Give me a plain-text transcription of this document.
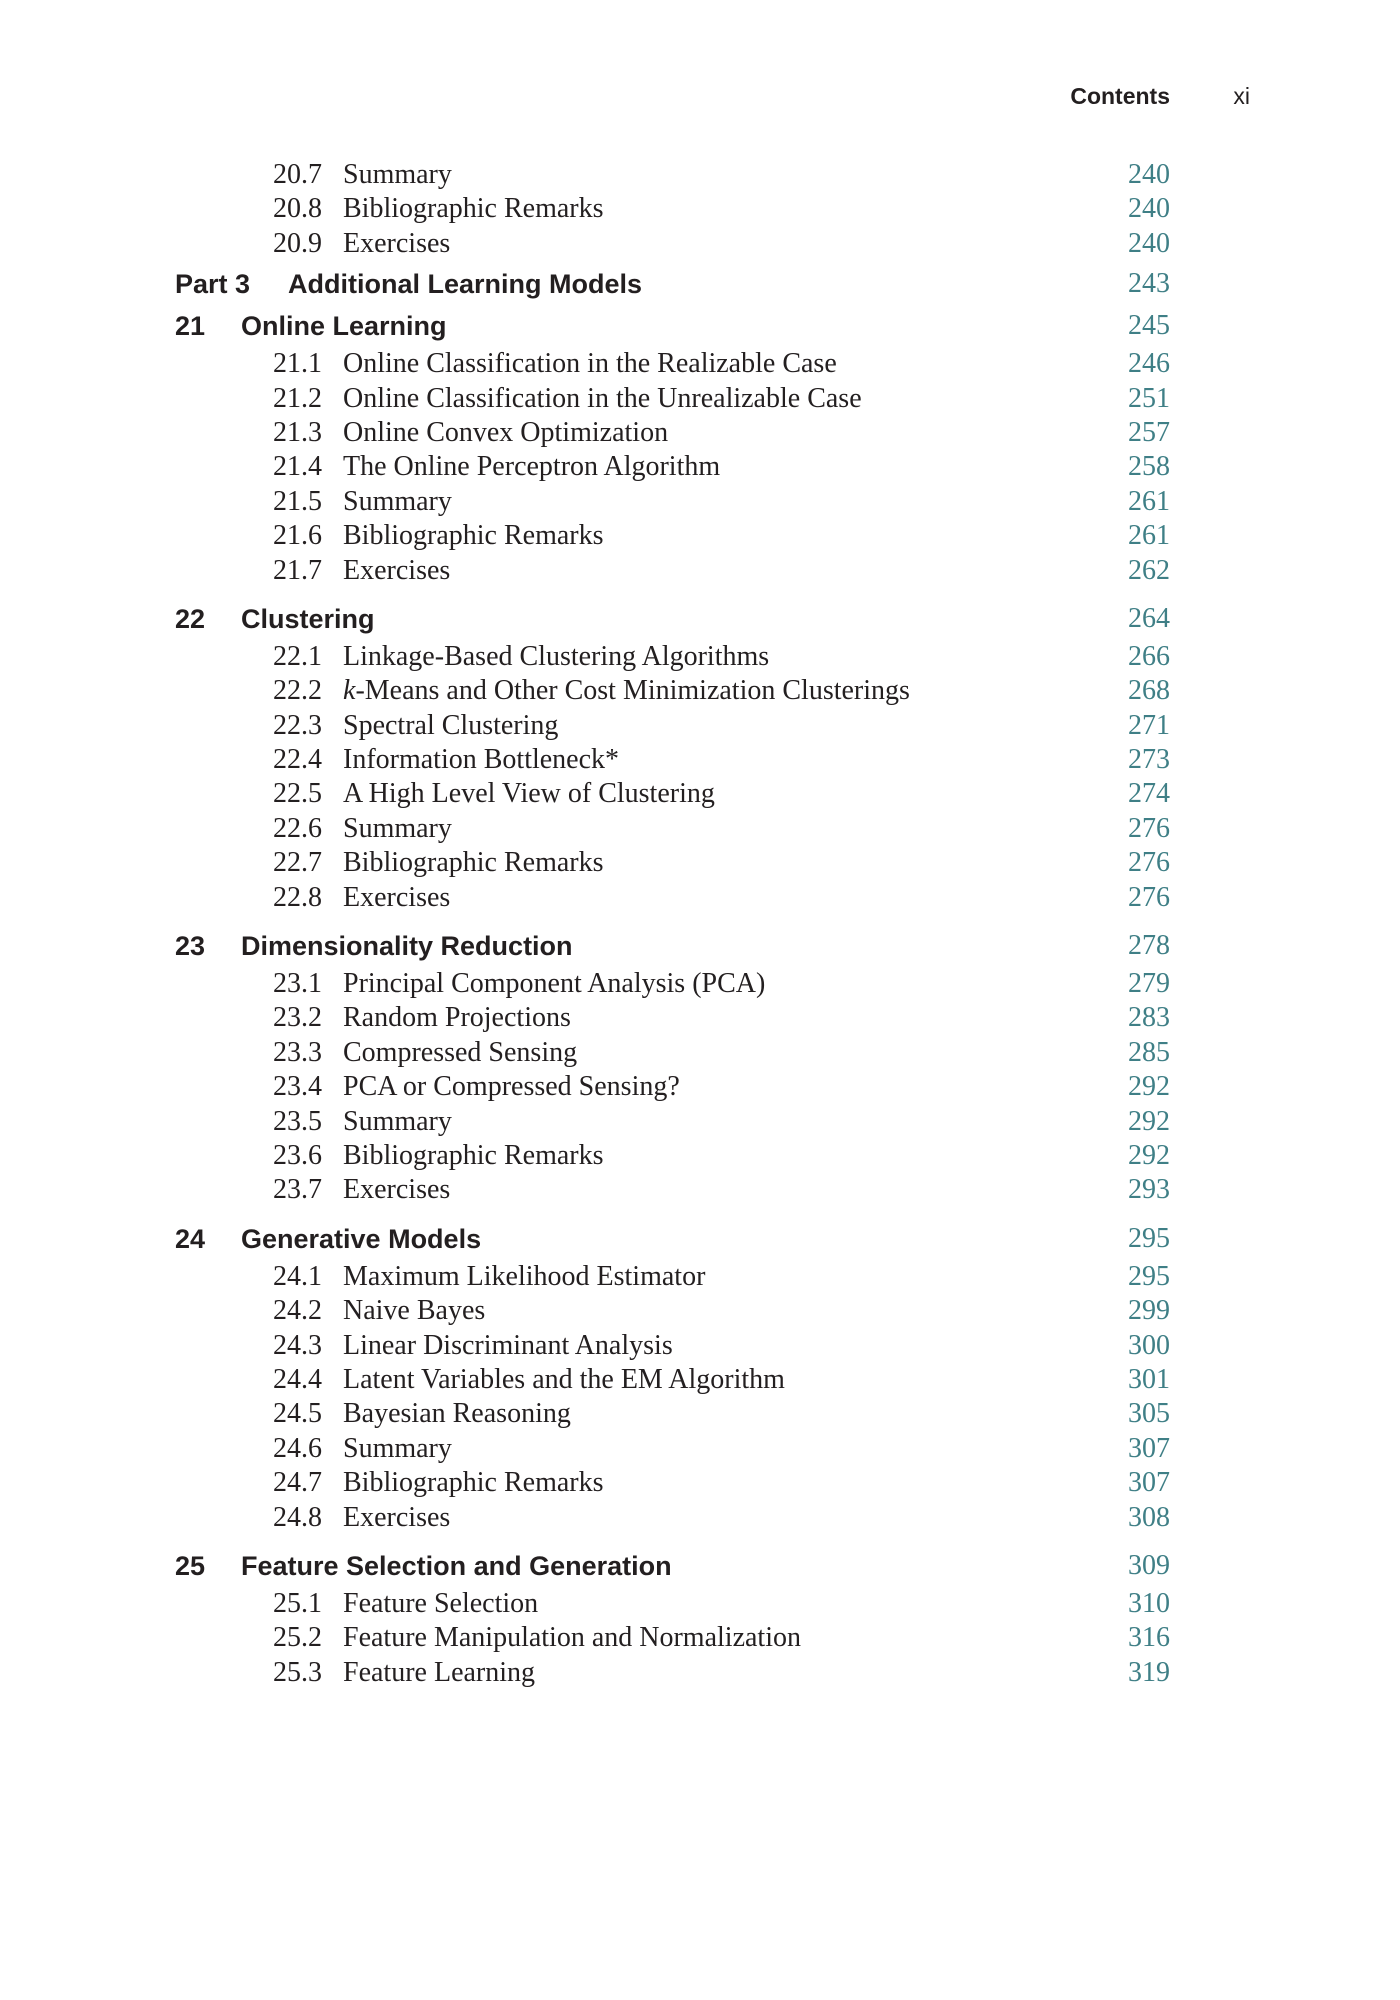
Contents	xi
20.7 Summary	240
20.8 Bibliographic Remarks	240
20.9 Exercises	240
Part 3 Additional Learning Models	243
21 Online Learning	245
21.1 Online Classification in the Realizable Case	246
21.2 Online Classification in the Unrealizable Case	251
21.3 Online Convex Optimization	257
21.4 The Online Perceptron Algorithm	258
21.5 Summary	261
21.6 Bibliographic Remarks	261
21.7 Exercises	262
22 Clustering	264
22.1 Linkage-Based Clustering Algorithms	266
22.2 k-Means and Other Cost Minimization Clusterings	268
22.3 Spectral Clustering	271
22.4 Information Bottleneck*	273
22.5 A High Level View of Clustering	274
22.6 Summary	276
22.7 Bibliographic Remarks	276
22.8 Exercises	276
23 Dimensionality Reduction	278
23.1 Principal Component Analysis (PCA)	279
23.2 Random Projections	283
23.3 Compressed Sensing	285
23.4 PCA or Compressed Sensing?	292
23.5 Summary	292
23.6 Bibliographic Remarks	292
23.7 Exercises	293
24 Generative Models	295
24.1 Maximum Likelihood Estimator	295
24.2 Naive Bayes	299
24.3 Linear Discriminant Analysis	300
24.4 Latent Variables and the EM Algorithm	301
24.5 Bayesian Reasoning	305
24.6 Summary	307
24.7 Bibliographic Remarks	307
24.8 Exercises	308
25 Feature Selection and Generation	309
25.1 Feature Selection	310
25.2 Feature Manipulation and Normalization	316
25.3 Feature Learning	319
